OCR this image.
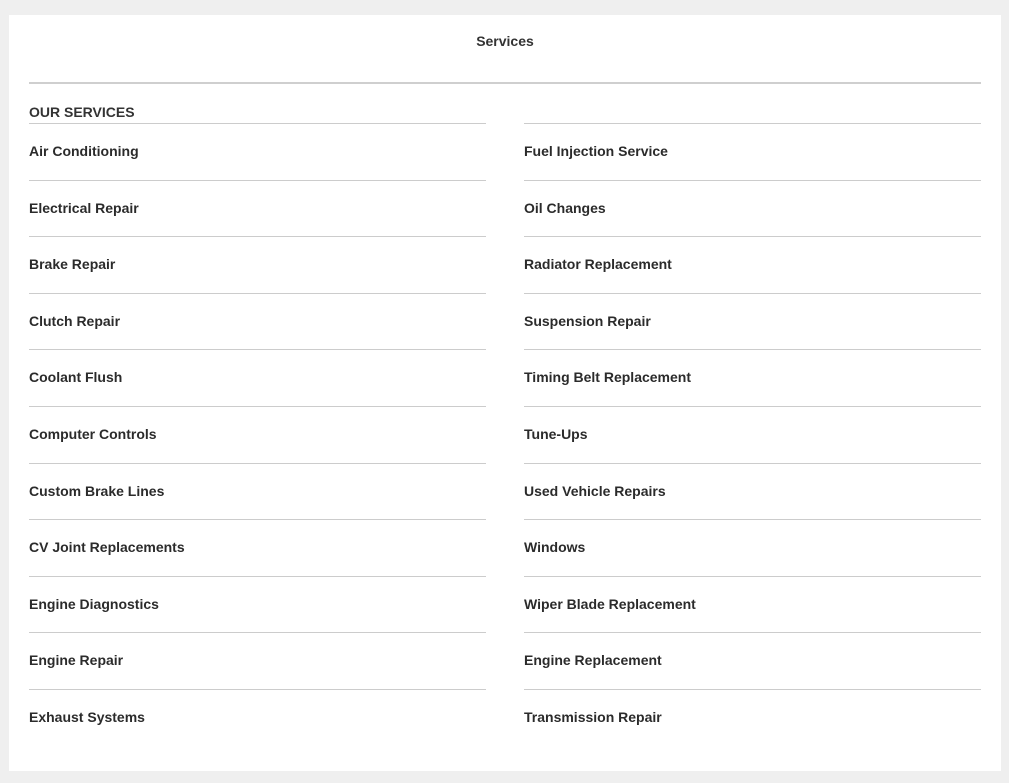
Services
OUR SERVICES
Air Conditioning
Electrical Repair
Brake Repair
Clutch Repair
Coolant Flush
Computer Controls
Custom Brake Lines
CV Joint Replacements
Engine Diagnostics
Engine Repair
Exhaust Systems
Fuel Injection Service
Oil Changes
Radiator Replacement
Suspension Repair
Timing Belt Replacement
Tune-Ups
Used Vehicle Repairs
Windows
Wiper Blade Replacement
Engine Replacement
Transmission Repair
